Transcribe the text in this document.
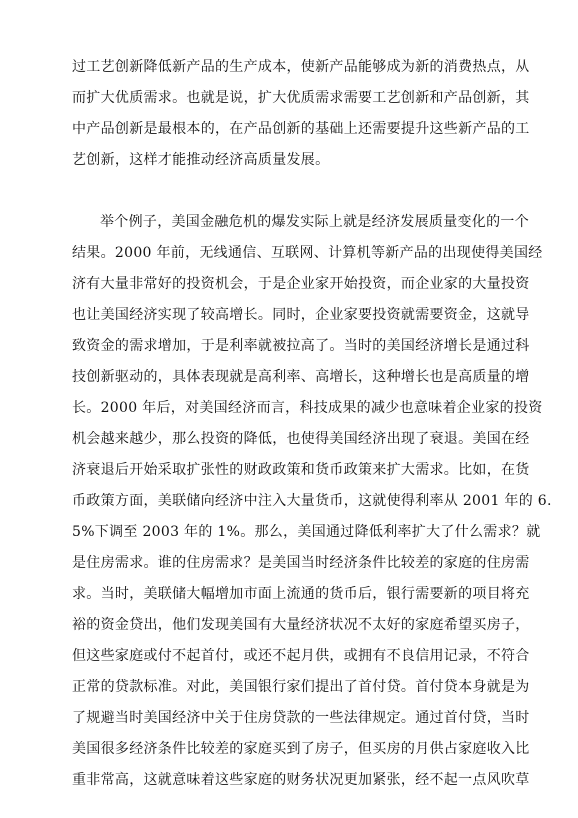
过工艺创新降低新产品的生产成本，使新产品能够成为新的消费热点，从

而扩大优质需求。也就是说，扩大优质需求需要工艺创新和产品创新，其

中产品创新是最根本的，在产品创新的基础上还需要提升这些新产品的工

艺创新，这样才能推动经济高质量发展。

举个例子，美国金融危机的爆发实际上就是经济发展质量变化的一个

结果。2000 年前，无线通信、互联网、计算机等新产品的出现使得美国经

济有大量非常好的投资机会，于是企业家开始投资，而企业家的大量投资

也让美国经济实现了较高增长。同时，企业家要投资就需要资金，这就导

致资金的需求增加，于是利率就被拉高了。当时的美国经济增长是通过科

技创新驱动的，具体表现就是高利率、高增长，这种增长也是高质量的增

长。2000 年后，对美国经济而言，科技成果的减少也意味着企业家的投资

机会越来越少，那么投资的降低，也使得美国经济出现了衰退。美国在经

济衰退后开始采取扩张性的财政政策和货币政策来扩大需求。比如，在货

币政策方面，美联储向经济中注入大量货币，这就使得利率从 2001 年的 6.

5%下调至 2003 年的 1%。那么，美国通过降低利率扩大了什么需求？就

是住房需求。谁的住房需求？是美国当时经济条件比较差的家庭的住房需

求。当时，美联储大幅增加市面上流通的货币后，银行需要新的项目将充

裕的资金贷出，他们发现美国有大量经济状况不太好的家庭希望买房子，

但这些家庭或付不起首付，或还不起月供，或拥有不良信用记录，不符合

正常的贷款标准。对此，美国银行家们提出了首付贷。首付贷本身就是为

了规避当时美国经济中关于住房贷款的一些法律规定。通过首付贷，当时

美国很多经济条件比较差的家庭买到了房子，但买房的月供占家庭收入比

重非常高，这就意味着这些家庭的财务状况更加紧张，经不起一点风吹草
